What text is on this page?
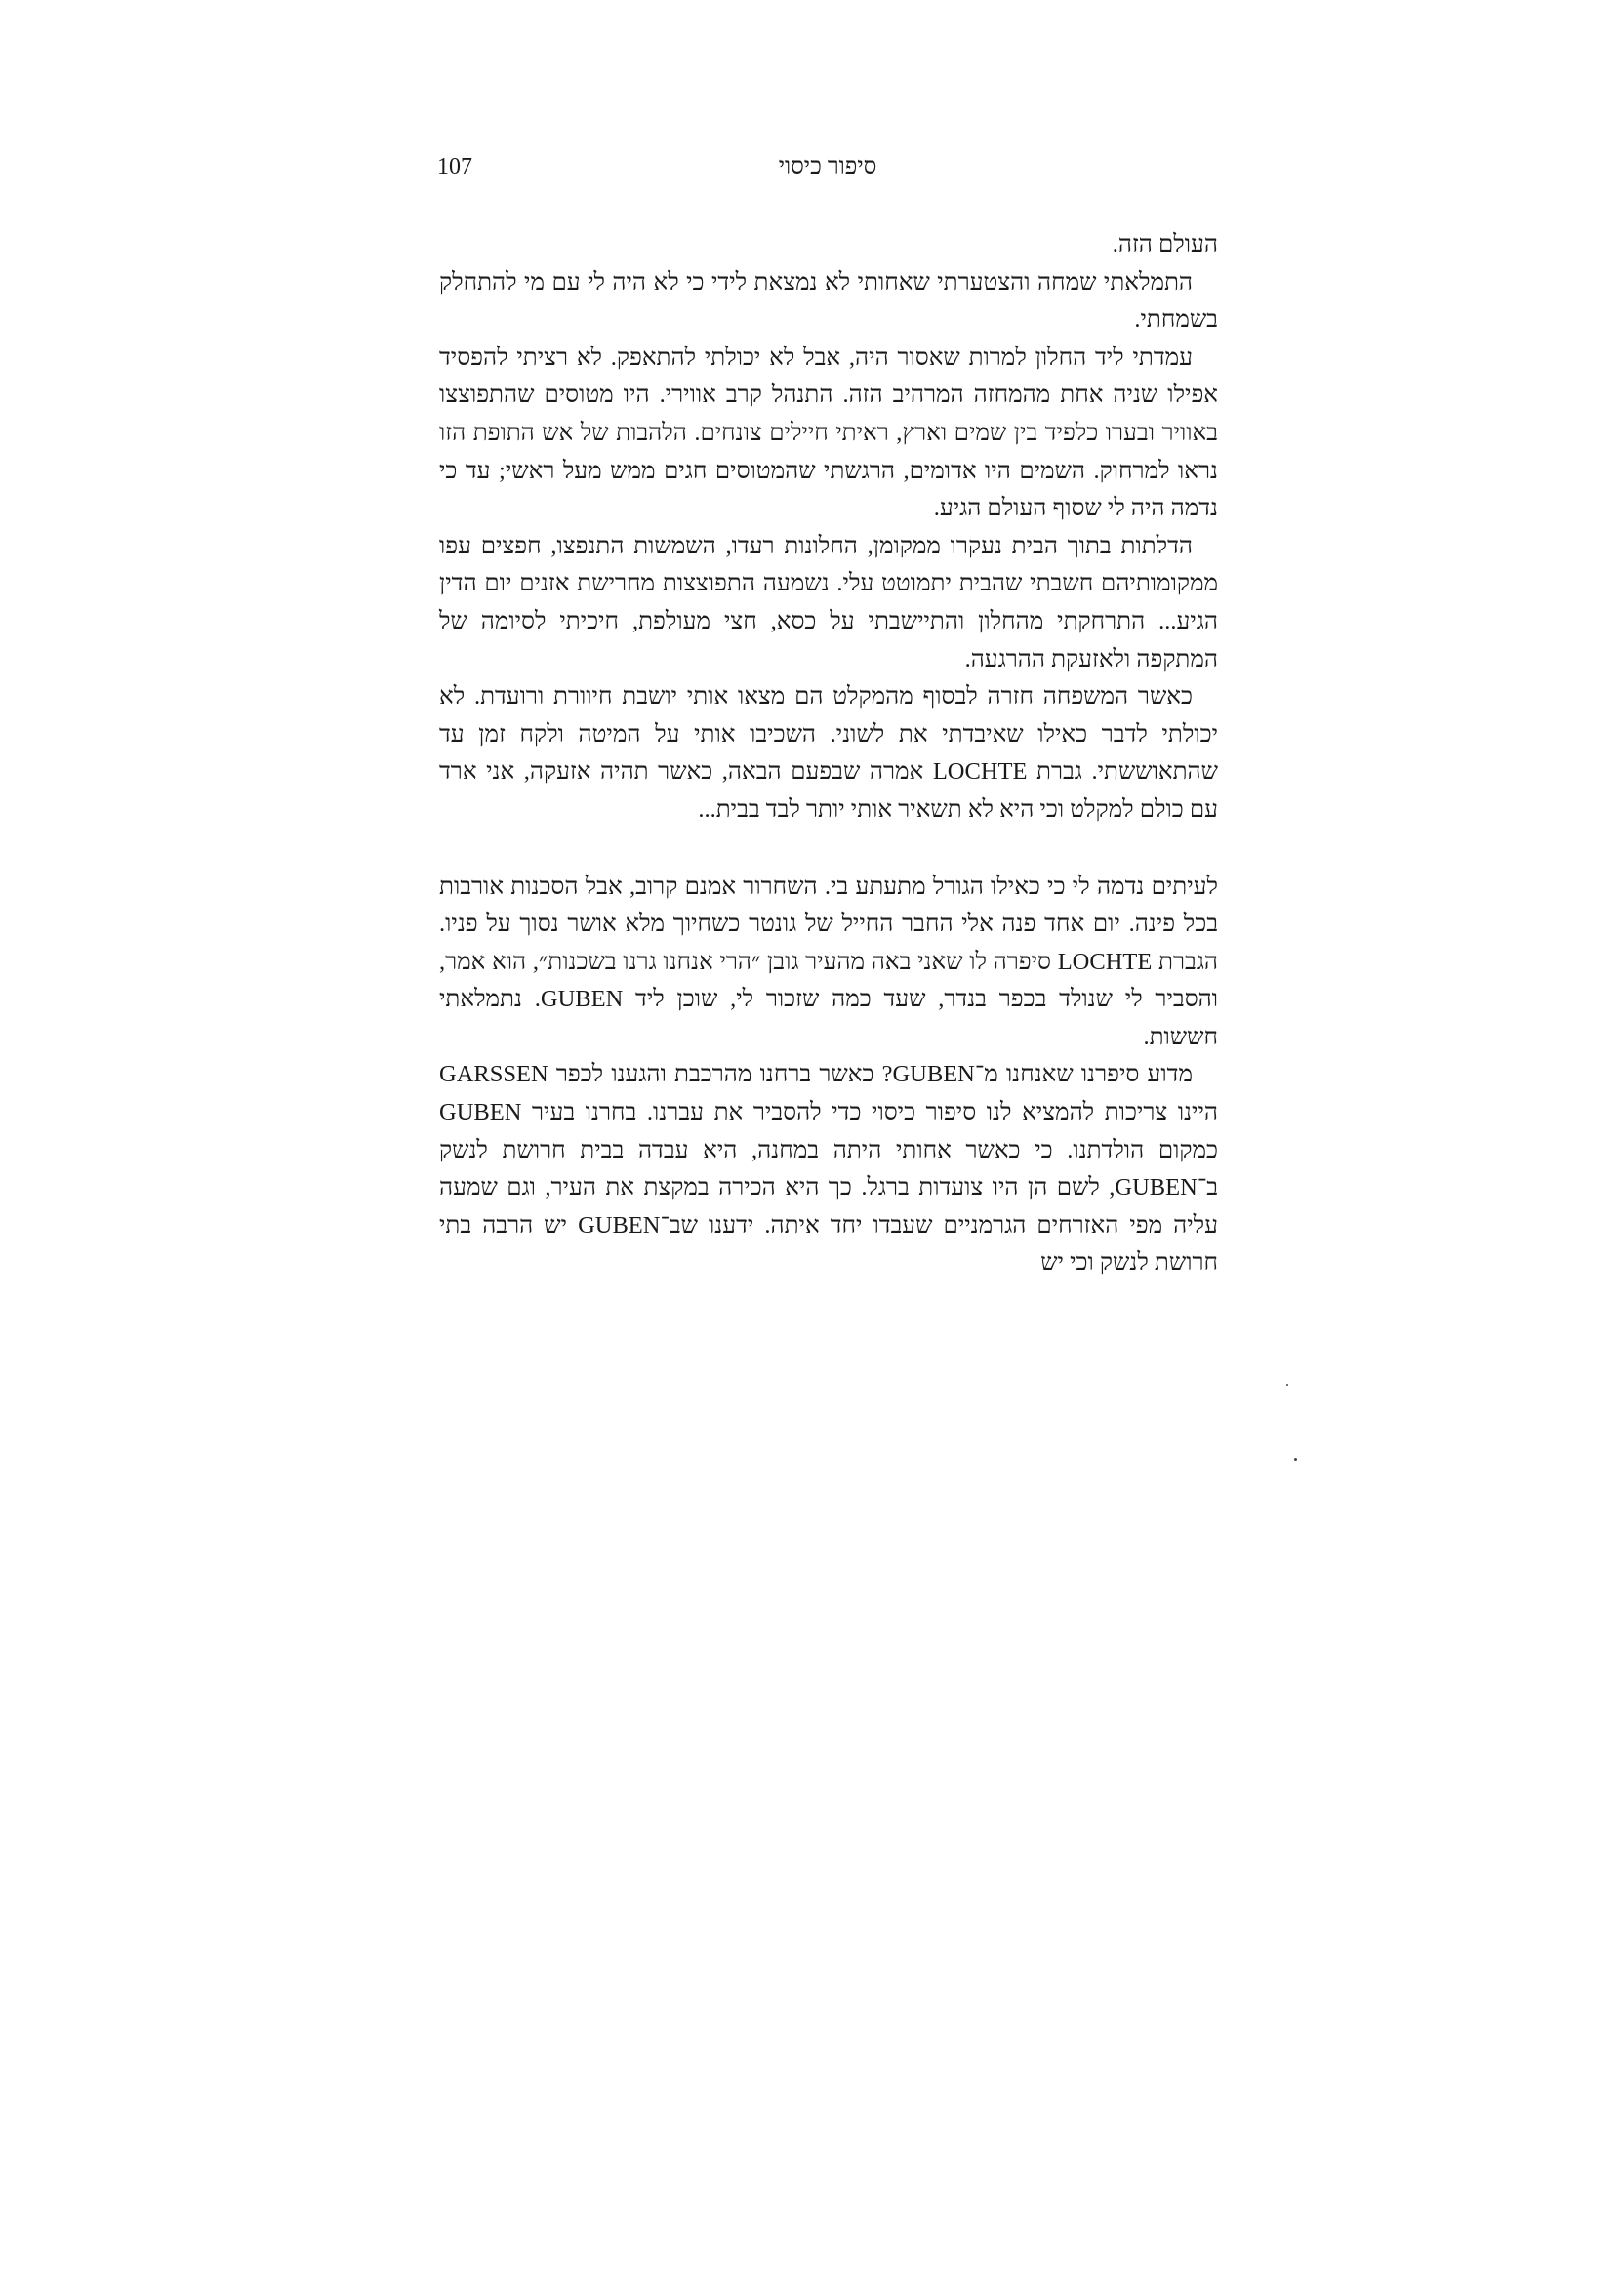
107	סיפור כיסוי

העולם הזה.

התמלאתי שמחה והצטערתי שאחותי לא נמצאת לידי כי לא היה לי עם מי להתחלק בשמחתי.

עמדתי ליד החלון למרות שאסור היה, אבל לא יכולתי להתאפק. לא רציתי להפסיד אפילו שניה אחת מהמחזה המרהיב הזה. התנהל קרב אווירי. היו מטוסים שהתפוצצו באוויר ובערו כלפיד בין שמים וארץ, ראיתי חיילים צונחים. הלהבות של אש התופת הזו נראו למרחוק. השמים היו אדומים, הרגשתי שהמטוסים חגים ממש מעל ראשי; עד כי נדמה היה לי שסוף העולם הגיע.

הדלתות בתוך הבית נעקרו ממקומן, החלונות רעדו, השמשות התנפצו, חפצים עפו ממקומותיהם חשבתי שהבית יתמוטט עלי. נשמעה התפוצצות מחרישת אזנים יום הדין הגיע... התרחקתי מהחלון והתיישבתי על כסא, חצי מעולפת, חיכיתי לסיומה של המתקפה ולאזעקת ההרגעה.

כאשר המשפחה חזרה לבסוף מהמקלט הם מצאו אותי יושבת חיוורת ורועדת. לא יכולתי לדבר כאילו שאיבדתי את לשוני. השכיבו אותי על המיטה ולקח זמן עד שהתאוששתי. גברת LOCHTE אמרה שבפעם הבאה, כאשר תהיה אזעקה, אני ארד עם כולם למקלט וכי היא לא תשאיר אותי יותר לבד בבית...

לעיתים נדמה לי כי כאילו הגורל מתעתע בי. השחרור אמנם קרוב, אבל הסכנות אורבות בכל פינה. יום אחד פנה אלי החבר החייל של גונטר כשחיוך מלא אושר נסוך על פניו. הגברת LOCHTE סיפרה לו שאני באה מהעיר גובן ״הרי אנחנו גרנו בשכנות״, הוא אמר, והסביר לי שנולד בכפר בנדר, שעד כמה שזכור לי, שוכן ליד GUBEN. נתמלאתי חששות.

מדוע סיפרנו שאנחנו מ־GUBEN? כאשר ברחנו מהרכבת והגענו לכפר GARSSEN היינו צריכות להמציא לנו סיפור כיסוי כדי להסביר את עברנו. בחרנו בעיר GUBEN כמקום הולדתנו. כי כאשר אחותי היתה במחנה, היא עבדה בבית חרושת לנשק ב־GUBEN, לשם הן היו צועדות ברגל. כך היא הכירה במקצת את העיר, וגם שמעה עליה מפי האזרחים הגרמניים שעבדו יחד איתה. ידענו שב־GUBEN יש הרבה בתי חרושת לנשק וכי יש
